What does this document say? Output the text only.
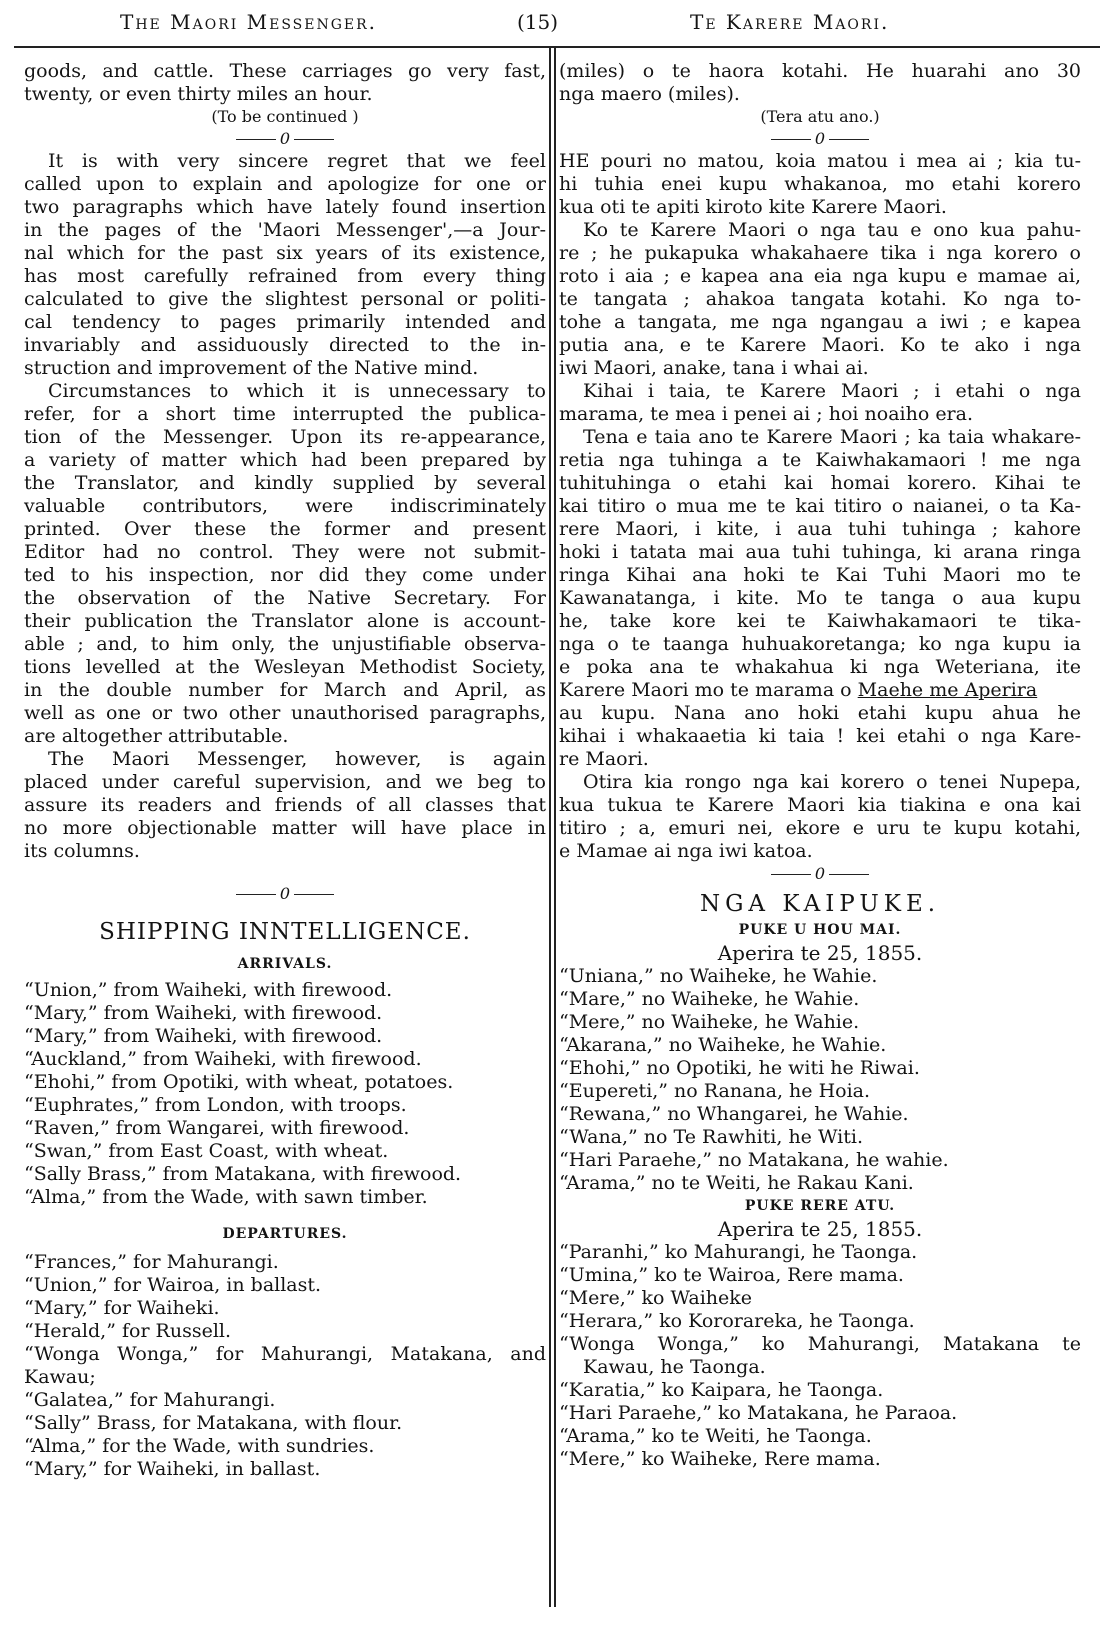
The Maori Messenger.	(15)	Te Karere Maori.
goods, and cattle. These carriages go very fast,
twenty, or even thirty miles an hour.
(To be continued )
0
It is with very sincere regret that we feel
called upon to explain and apologize for one or
two paragraphs which have lately found insertion
in the pages of the 'Maori Messenger',—a Jour-
nal which for the past six years of its existence,
has most carefully refrained from every thing
calculated to give the slightest personal or politi-
cal tendency to pages primarily intended and
invariably and assiduously directed to the in-
struction and improvement of the Native mind.
Circumstances to which it is unnecessary to
refer, for a short time interrupted the publica-
tion of the Messenger. Upon its re-appearance,
a variety of matter which had been prepared by
the Translator, and kindly supplied by several
valuable contributors, were indiscriminately
printed. Over these the former and present
Editor had no control. They were not submit-
ted to his inspection, nor did they come under
the observation of the Native Secretary. For
their publication the Translator alone is account-
able ; and, to him only, the unjustifiable observa-
tions levelled at the Wesleyan Methodist Society,
in the double number for March and April, as
well as one or two other unauthorised paragraphs,
are altogether attributable.
The Maori Messenger, however, is again
placed under careful supervision, and we beg to
assure its readers and friends of all classes that
no more objectionable matter will have place in
its columns.
0
SHIPPING INNTELLIGENCE.
ARRIVALS.
“Union,” from Waiheki, with firewood.
“Mary,” from Waiheki, with firewood.
“Mary,” from Waiheki, with firewood.
“Auckland,” from Waiheki, with firewood.
“Ehohi,” from Opotiki, with wheat, potatoes.
“Euphrates,” from London, with troops.
“Raven,” from Wangarei, with firewood.
“Swan,” from East Coast, with wheat.
“Sally Brass,” from Matakana, with firewood.
“Alma,” from the Wade, with sawn timber.
DEPARTURES.
“Frances,” for Mahurangi.
“Union,” for Wairoa, in ballast.
“Mary,” for Waiheki.
“Herald,” for Russell.
“Wonga Wonga,” for Mahurangi, Matakana, and
Kawau;
“Galatea,” for Mahurangi.
“Sally” Brass, for Matakana, with flour.
“Alma,” for the Wade, with sundries.
“Mary,” for Waiheki, in ballast.
(miles) o te haora kotahi. He huarahi ano 30
nga maero (miles).
(Tera atu ano.)
0
HE pouri no matou, koia matou i mea ai ; kia tu-
hi tuhia enei kupu whakanoa, mo etahi korero
kua oti te apiti kiroto kite Karere Maori.
Ko te Karere Maori o nga tau e ono kua pahu-
re ; he pukapuka whakahaere tika i nga korero o
roto i aia ; e kapea ana eia nga kupu e mamae ai,
te tangata ; ahakoa tangata kotahi. Ko nga to-
tohe a tangata, me nga ngangau a iwi ; e kapea
putia ana, e te Karere Maori. Ko te ako i nga
iwi Maori, anake, tana i whai ai.
Kihai i taia, te Karere Maori ; i etahi o nga
marama, te mea i penei ai ; hoi noaiho era.
Tena e taia ano te Karere Maori ; ka taia whakare-
retia nga tuhinga a te Kaiwhakamaori ! me nga
tuhituhinga o etahi kai homai korero. Kihai te
kai titiro o mua me te kai titiro o naianei, o ta Ka-
rere Maori, i kite, i aua tuhi tuhinga ; kahore
hoki i tatata mai aua tuhi tuhinga, ki arana ringa
ringa Kihai ana hoki te Kai Tuhi Maori mo te
Kawanatanga, i kite. Mo te tanga o aua kupu
he, take kore kei te Kaiwhakamaori te tika-
nga o te taanga huhuakoretanga; ko nga kupu ia
e poka ana te whakahua ki nga Weteriana, ite
Karere Maori mo te marama o Maehe me Aperira
au kupu. Nana ano hoki etahi kupu ahua he
kihai i whakaaetia ki taia ! kei etahi o nga Kare-
re Maori.
Otira kia rongo nga kai korero o tenei Nupepa,
kua tukua te Karere Maori kia tiakina e ona kai
titiro ; a, emuri nei, ekore e uru te kupu kotahi,
e Mamae ai nga iwi katoa.
0
NGA KAIPUKE.
PUKE U HOU MAI.
Aperira te 25, 1855.
“Uniana,” no Waiheke, he Wahie.
“Mare,” no Waiheke, he Wahie.
“Mere,” no Waiheke, he Wahie.
“Akarana,” no Waiheke, he Wahie.
“Ehohi,” no Opotiki, he witi he Riwai.
“Eupereti,” no Ranana, he Hoia.
“Rewana,” no Whangarei, he Wahie.
“Wana,” no Te Rawhiti, he Witi.
“Hari Paraehe,” no Matakana, he wahie.
“Arama,” no te Weiti, he Rakau Kani.
PUKE RERE ATU.
Aperira te 25, 1855.
“Paranhi,” ko Mahurangi, he Taonga.
“Umina,” ko te Wairoa, Rere mama.
“Mere,” ko Waiheke
“Herara,” ko Kororareka, he Taonga.
“Wonga Wonga,” ko Mahurangi, Matakana te
Kawau, he Taonga.
“Karatia,” ko Kaipara, he Taonga.
“Hari Paraehe,” ko Matakana, he Paraoa.
“Arama,” ko te Weiti, he Taonga.
“Mere,” ko Waiheke, Rere mama.
